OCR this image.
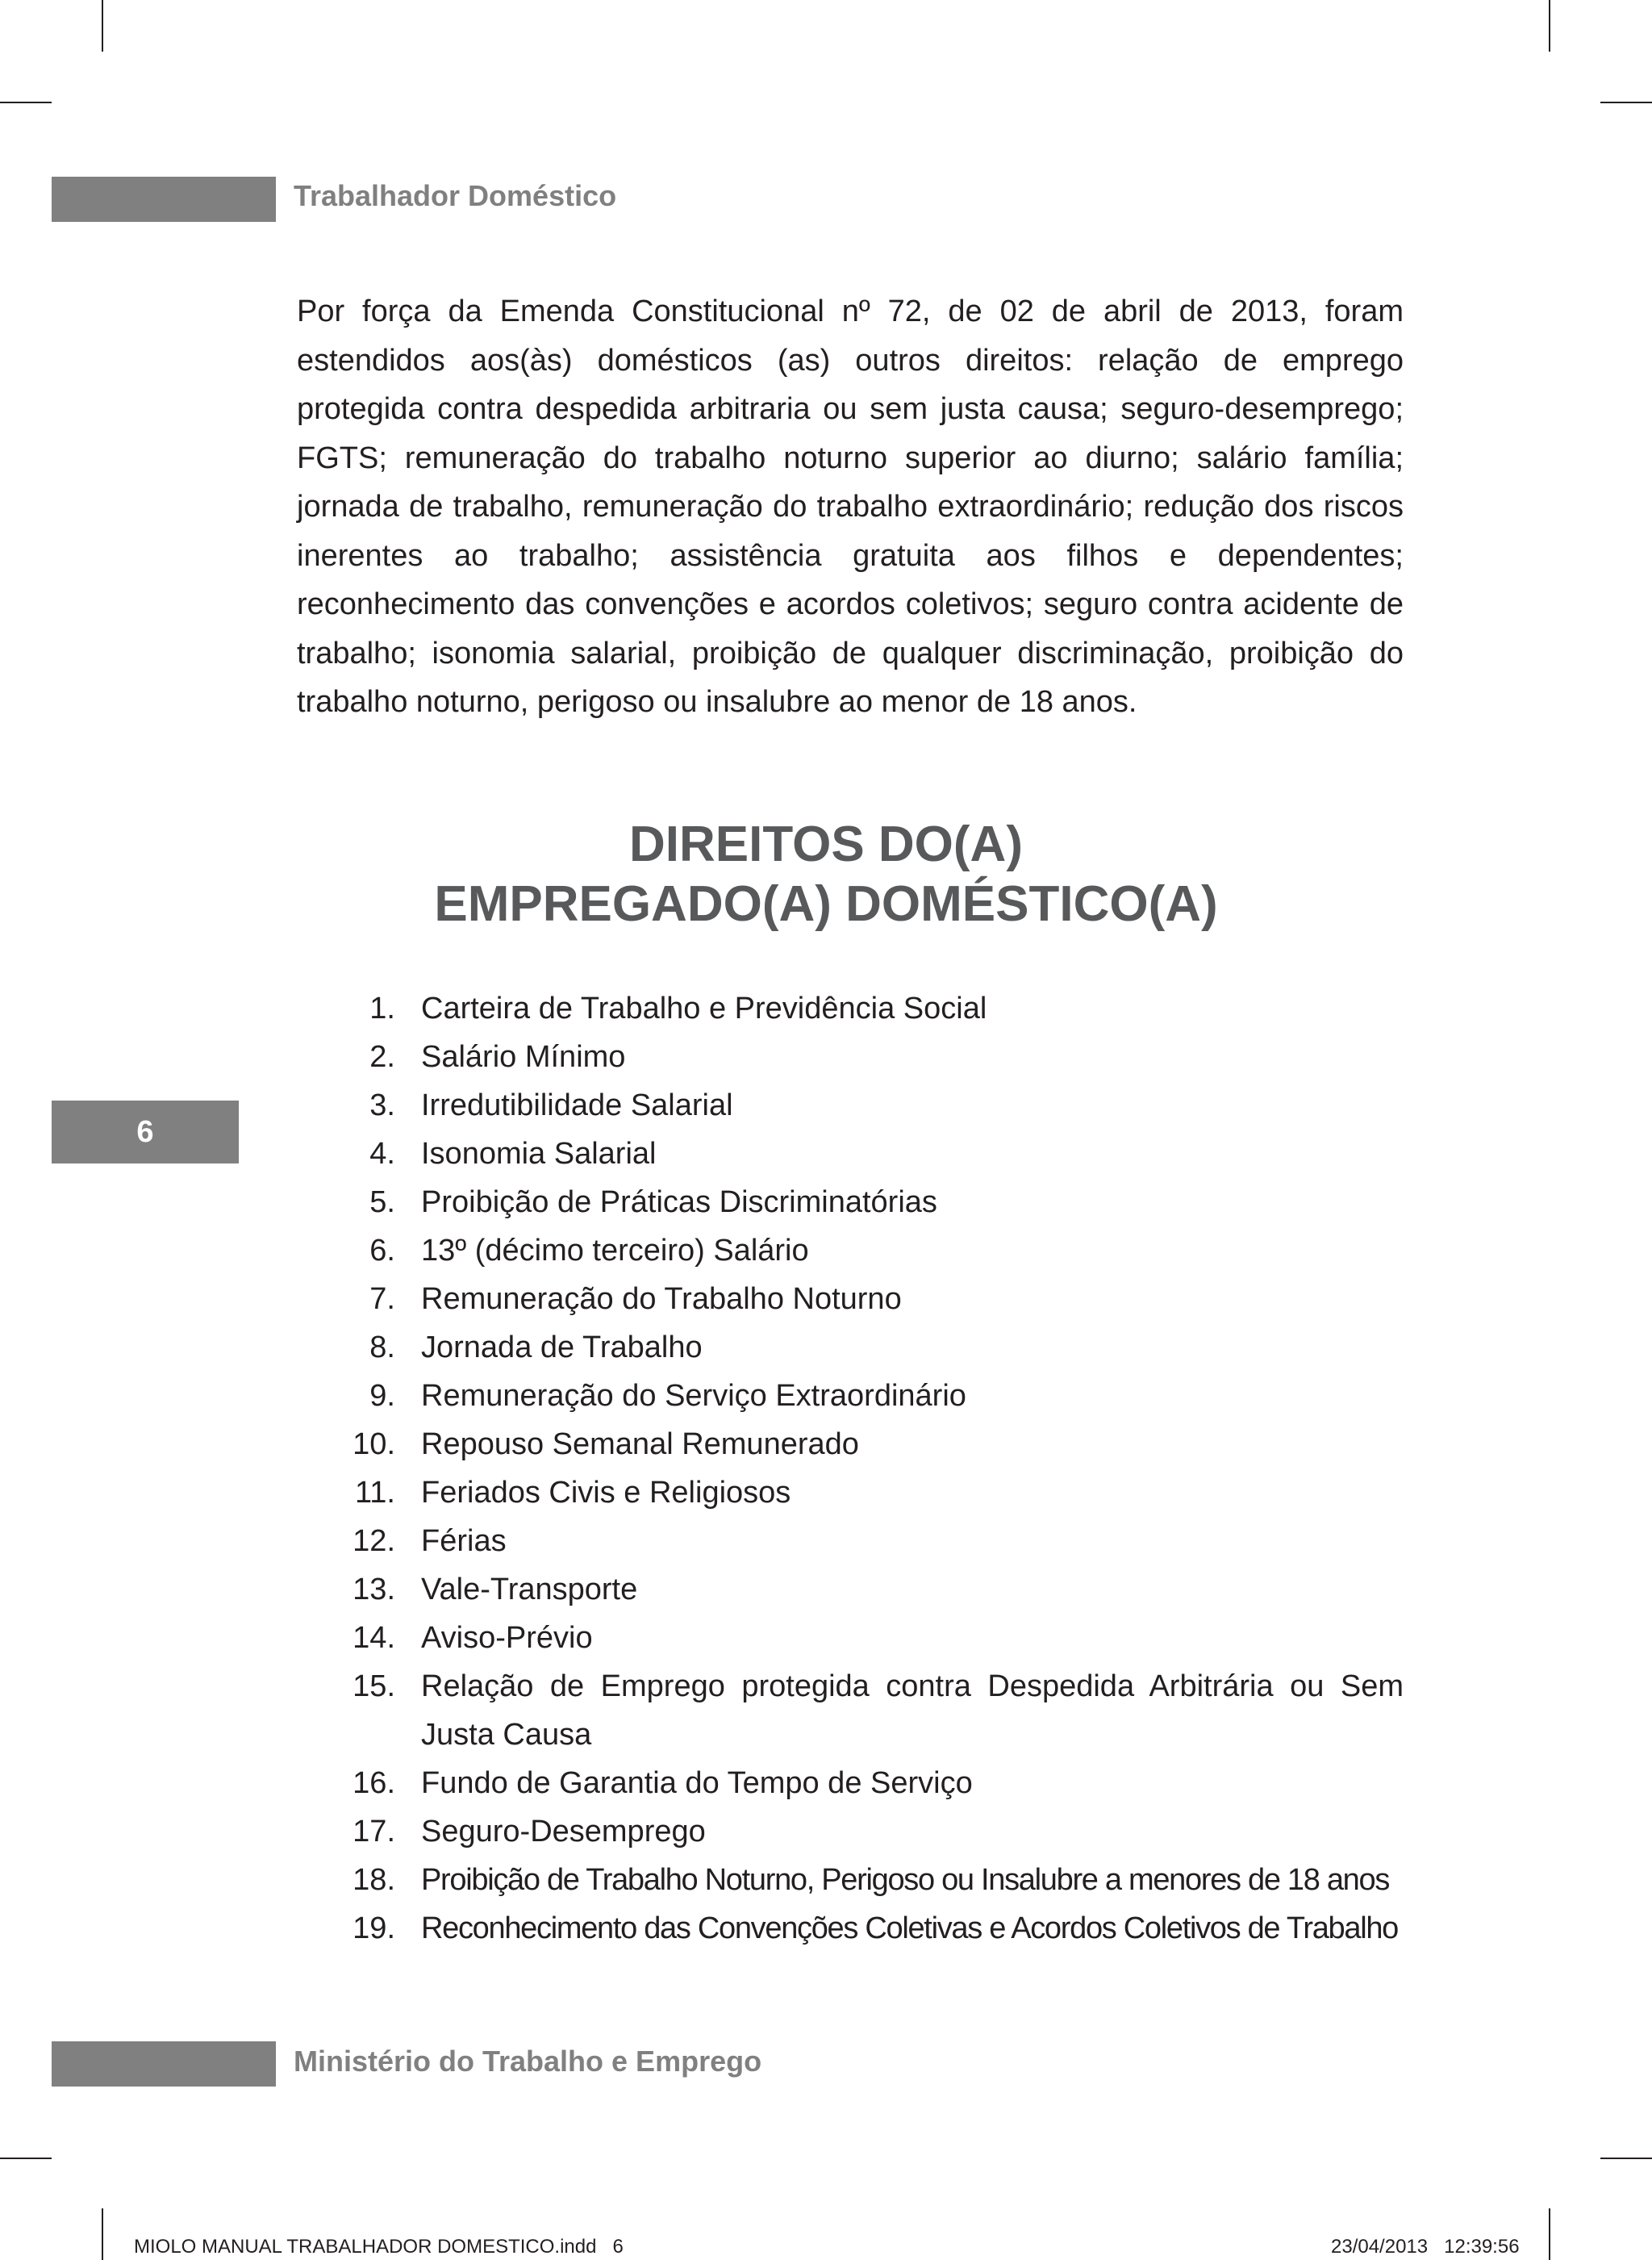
Trabalhador Doméstico

Por força da Emenda Constitucional nº 72, de 02 de abril de 2013, foram estendidos aos(às) domésticos (as) outros direitos: relação de emprego protegida contra despedida arbitraria ou sem justa causa; seguro-desemprego; FGTS; remuneração do trabalho noturno superior ao diurno; salário família; jornada de trabalho, remuneração do trabalho extraordinário; redução dos riscos inerentes ao trabalho; assistência gratuita aos filhos e dependentes; reconhecimento das convenções e acordos coletivos; seguro contra acidente de trabalho; isonomia salarial, proibição de qualquer discriminação, proibição do trabalho noturno, perigoso ou insalubre ao menor de 18 anos.

DIREITOS DO(A)
EMPREGADO(A) DOMÉSTICO(A)
6
1. Carteira de Trabalho e Previdência Social
2. Salário Mínimo
3. Irredutibilidade Salarial
4. Isonomia Salarial
5. Proibição de Práticas Discriminatórias
6. 13º (décimo terceiro) Salário
7. Remuneração do Trabalho Noturno
8. Jornada de Trabalho
9. Remuneração do Serviço Extraordinário
10. Repouso Semanal Remunerado
11. Feriados Civis e Religiosos
12. Férias
13. Vale-Transporte
14. Aviso-Prévio
15. Relação de Emprego protegida contra Despedida Arbitrária ou Sem Justa Causa
16. Fundo de Garantia do Tempo de Serviço
17. Seguro-Desemprego
18. Proibição de Trabalho Noturno, Perigoso ou Insalubre a menores de 18 anos
19. Reconhecimento das Convenções Coletivas e Acordos Coletivos de Trabalho
Ministério do Trabalho e Emprego
MIOLO MANUAL TRABALHADOR DOMESTICO.indd   6	23/04/2013   12:39:56
